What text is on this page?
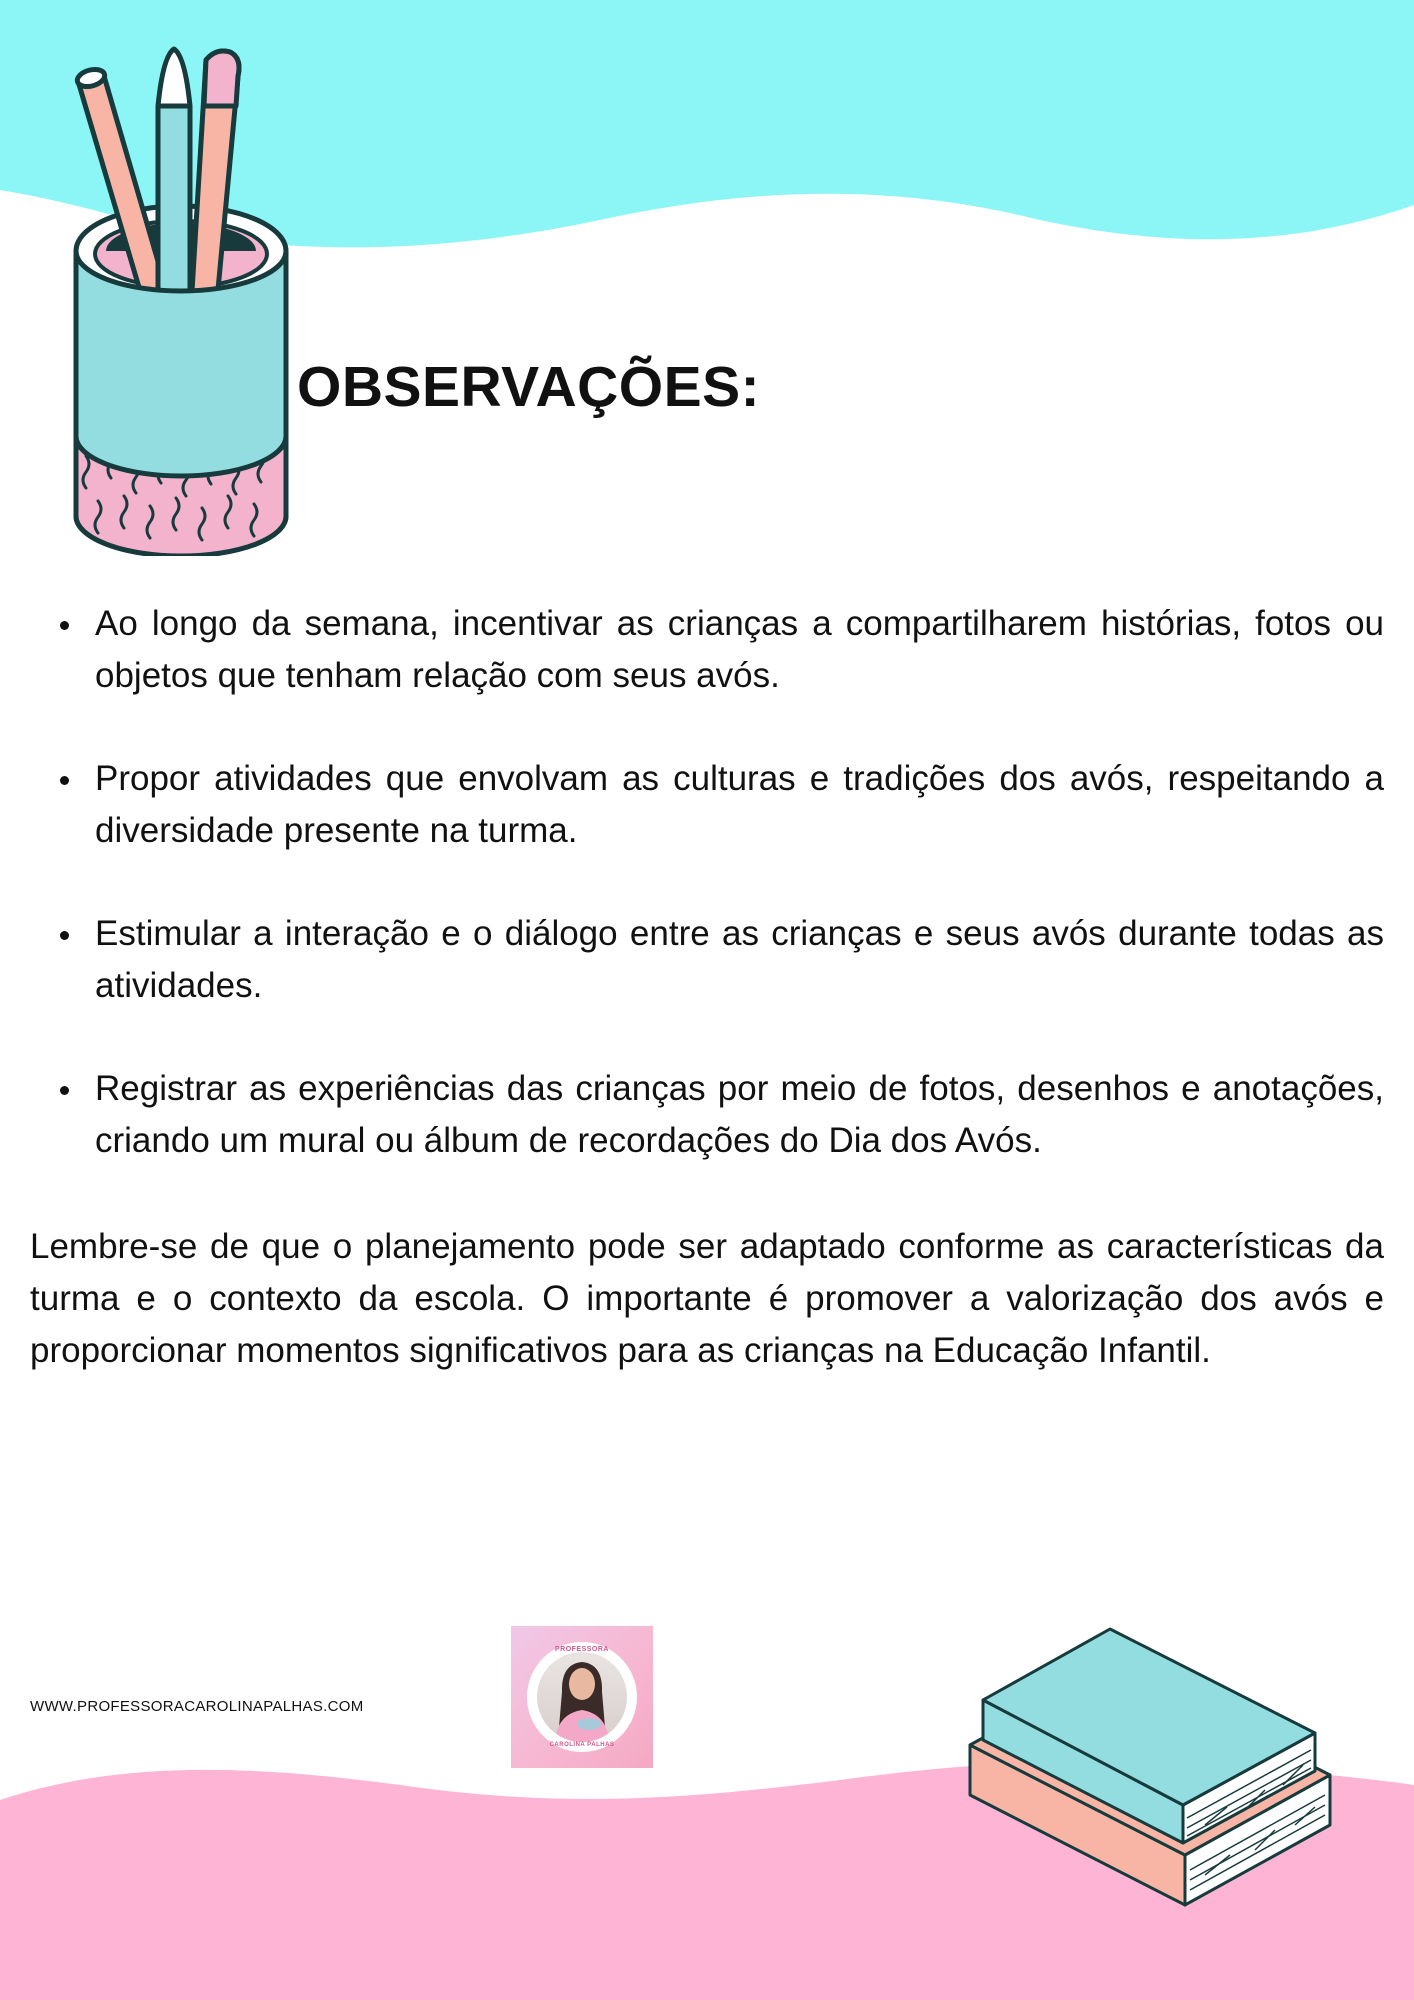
OBSERVAÇÕES:
Ao longo da semana, incentivar as crianças a compartilharem histórias, fotos ou objetos que tenham relação com seus avós.
Propor atividades que envolvam as culturas e tradições dos avós, respeitando a diversidade presente na turma.
Estimular a interação e o diálogo entre as crianças e seus avós durante todas as atividades.
Registrar as experiências das crianças por meio de fotos, desenhos e anotações, criando um mural ou álbum de recordações do Dia dos Avós.

Lembre-se de que o planejamento pode ser adaptado conforme as características da turma e o contexto da escola. O importante é promover a valorização dos avós e proporcionar momentos significativos para as crianças na Educação Infantil.

WWW.PROFESSORACAROLINAPALHAS.COM
PROFESSORA
CAROLINA PALHAS
